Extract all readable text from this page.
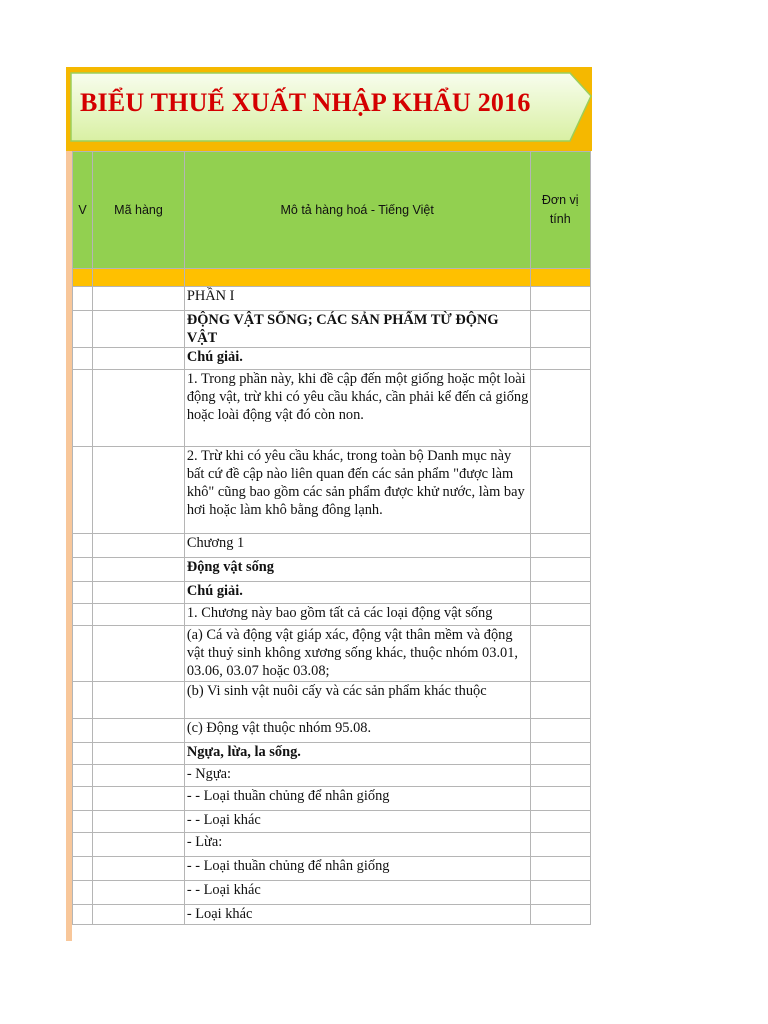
BIỂU THUẾ XUẤT NHẬP KHẨU 2016
V	Mã hàng	Mô tả hàng hoá - Tiếng Việt	Đơn vị
tính

		PHẦN I	
		ĐỘNG VẬT SỐNG; CÁC SẢN PHẨM TỪ ĐỘNG VẬT	
		Chú giải.	
		1. Trong phần này, khi đề cập đến một giống hoặc một loài động vật, trừ khi có yêu cầu khác, cần phải kể đến cả giống hoặc loài động vật đó còn non.	
		2. Trừ khi có yêu cầu khác, trong toàn bộ Danh mục này bất cứ đề cập nào liên quan đến các sản phẩm "được làm khô" cũng bao gồm các sản phẩm được khử nước, làm bay hơi hoặc làm khô bằng đông lạnh.	
		Chương 1	
		Động vật sống	
		Chú giải.	
		1. Chương này bao gồm tất cả các loại động vật sống	
		(a) Cá và động vật giáp xác, động vật thân mềm và động vật thuỷ sinh không xương sống khác, thuộc nhóm 03.01, 03.06, 03.07 hoặc 03.08;	
		(b) Vi sinh vật nuôi cấy và các sản phẩm khác thuộc	
		(c) Động vật thuộc nhóm 95.08.	
		Ngựa, lừa, la sống.	
		- Ngựa:	
		- - Loại thuần chủng để nhân giống	
		- - Loại khác	
		- Lừa:	
		- - Loại thuần chủng để nhân giống	
		- - Loại khác	
		- Loại khác	
